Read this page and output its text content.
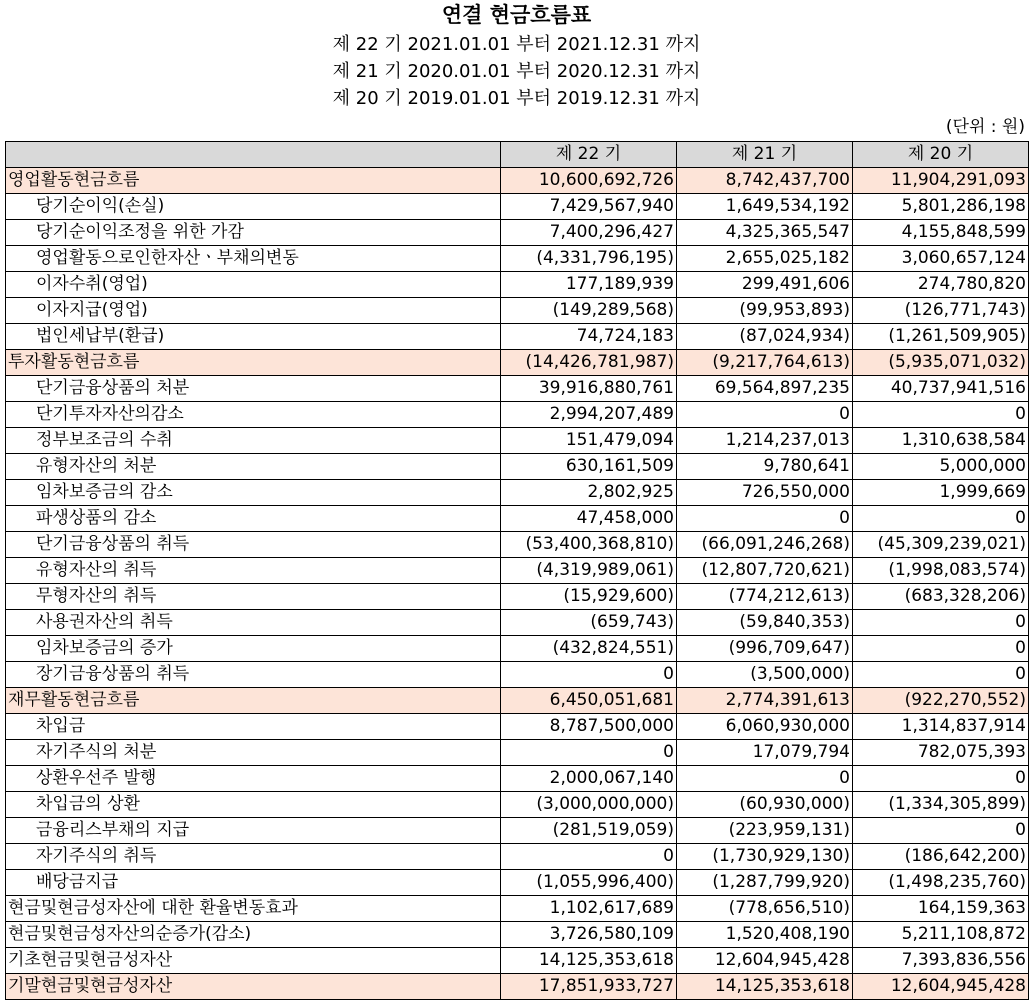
연결 현금흐름표
제 22 기 2021.01.01 부터 2021.12.31 까지
제 21 기 2020.01.01 부터 2020.12.31 까지
제 20 기 2019.01.01 부터 2019.12.31 까지
(단위 : 원)
	제 22 기	제 21 기	제 20 기
영업활동현금흐름	10,600,692,726	8,742,437,700	11,904,291,093
당기순이익(손실)	7,429,567,940	1,649,534,192	5,801,286,198
당기순이익조정을 위한 가감	7,400,296,427	4,325,365,547	4,155,848,599
영업활동으로인한자산ㆍ부채의변동	(4,331,796,195)	2,655,025,182	3,060,657,124
이자수취(영업)	177,189,939	299,491,606	274,780,820
이자지급(영업)	(149,289,568)	(99,953,893)	(126,771,743)
법인세납부(환급)	74,724,183	(87,024,934)	(1,261,509,905)
투자활동현금흐름	(14,426,781,987)	(9,217,764,613)	(5,935,071,032)
단기금융상품의 처분	39,916,880,761	69,564,897,235	40,737,941,516
단기투자자산의감소	2,994,207,489	0	0
정부보조금의 수취	151,479,094	1,214,237,013	1,310,638,584
유형자산의 처분	630,161,509	9,780,641	5,000,000
임차보증금의 감소	2,802,925	726,550,000	1,999,669
파생상품의 감소	47,458,000	0	0
단기금융상품의 취득	(53,400,368,810)	(66,091,246,268)	(45,309,239,021)
유형자산의 취득	(4,319,989,061)	(12,807,720,621)	(1,998,083,574)
무형자산의 취득	(15,929,600)	(774,212,613)	(683,328,206)
사용권자산의 취득	(659,743)	(59,840,353)	0
임차보증금의 증가	(432,824,551)	(996,709,647)	0
장기금융상품의 취득	0	(3,500,000)	0
재무활동현금흐름	6,450,051,681	2,774,391,613	(922,270,552)
차입금	8,787,500,000	6,060,930,000	1,314,837,914
자기주식의 처분	0	17,079,794	782,075,393
상환우선주 발행	2,000,067,140	0	0
차입금의 상환	(3,000,000,000)	(60,930,000)	(1,334,305,899)
금융리스부채의 지급	(281,519,059)	(223,959,131)	0
자기주식의 취득	0	(1,730,929,130)	(186,642,200)
배당금지급	(1,055,996,400)	(1,287,799,920)	(1,498,235,760)
현금및현금성자산에 대한 환율변동효과	1,102,617,689	(778,656,510)	164,159,363
현금및현금성자산의순증가(감소)	3,726,580,109	1,520,408,190	5,211,108,872
기초현금및현금성자산	14,125,353,618	12,604,945,428	7,393,836,556
기말현금및현금성자산	17,851,933,727	14,125,353,618	12,604,945,428
